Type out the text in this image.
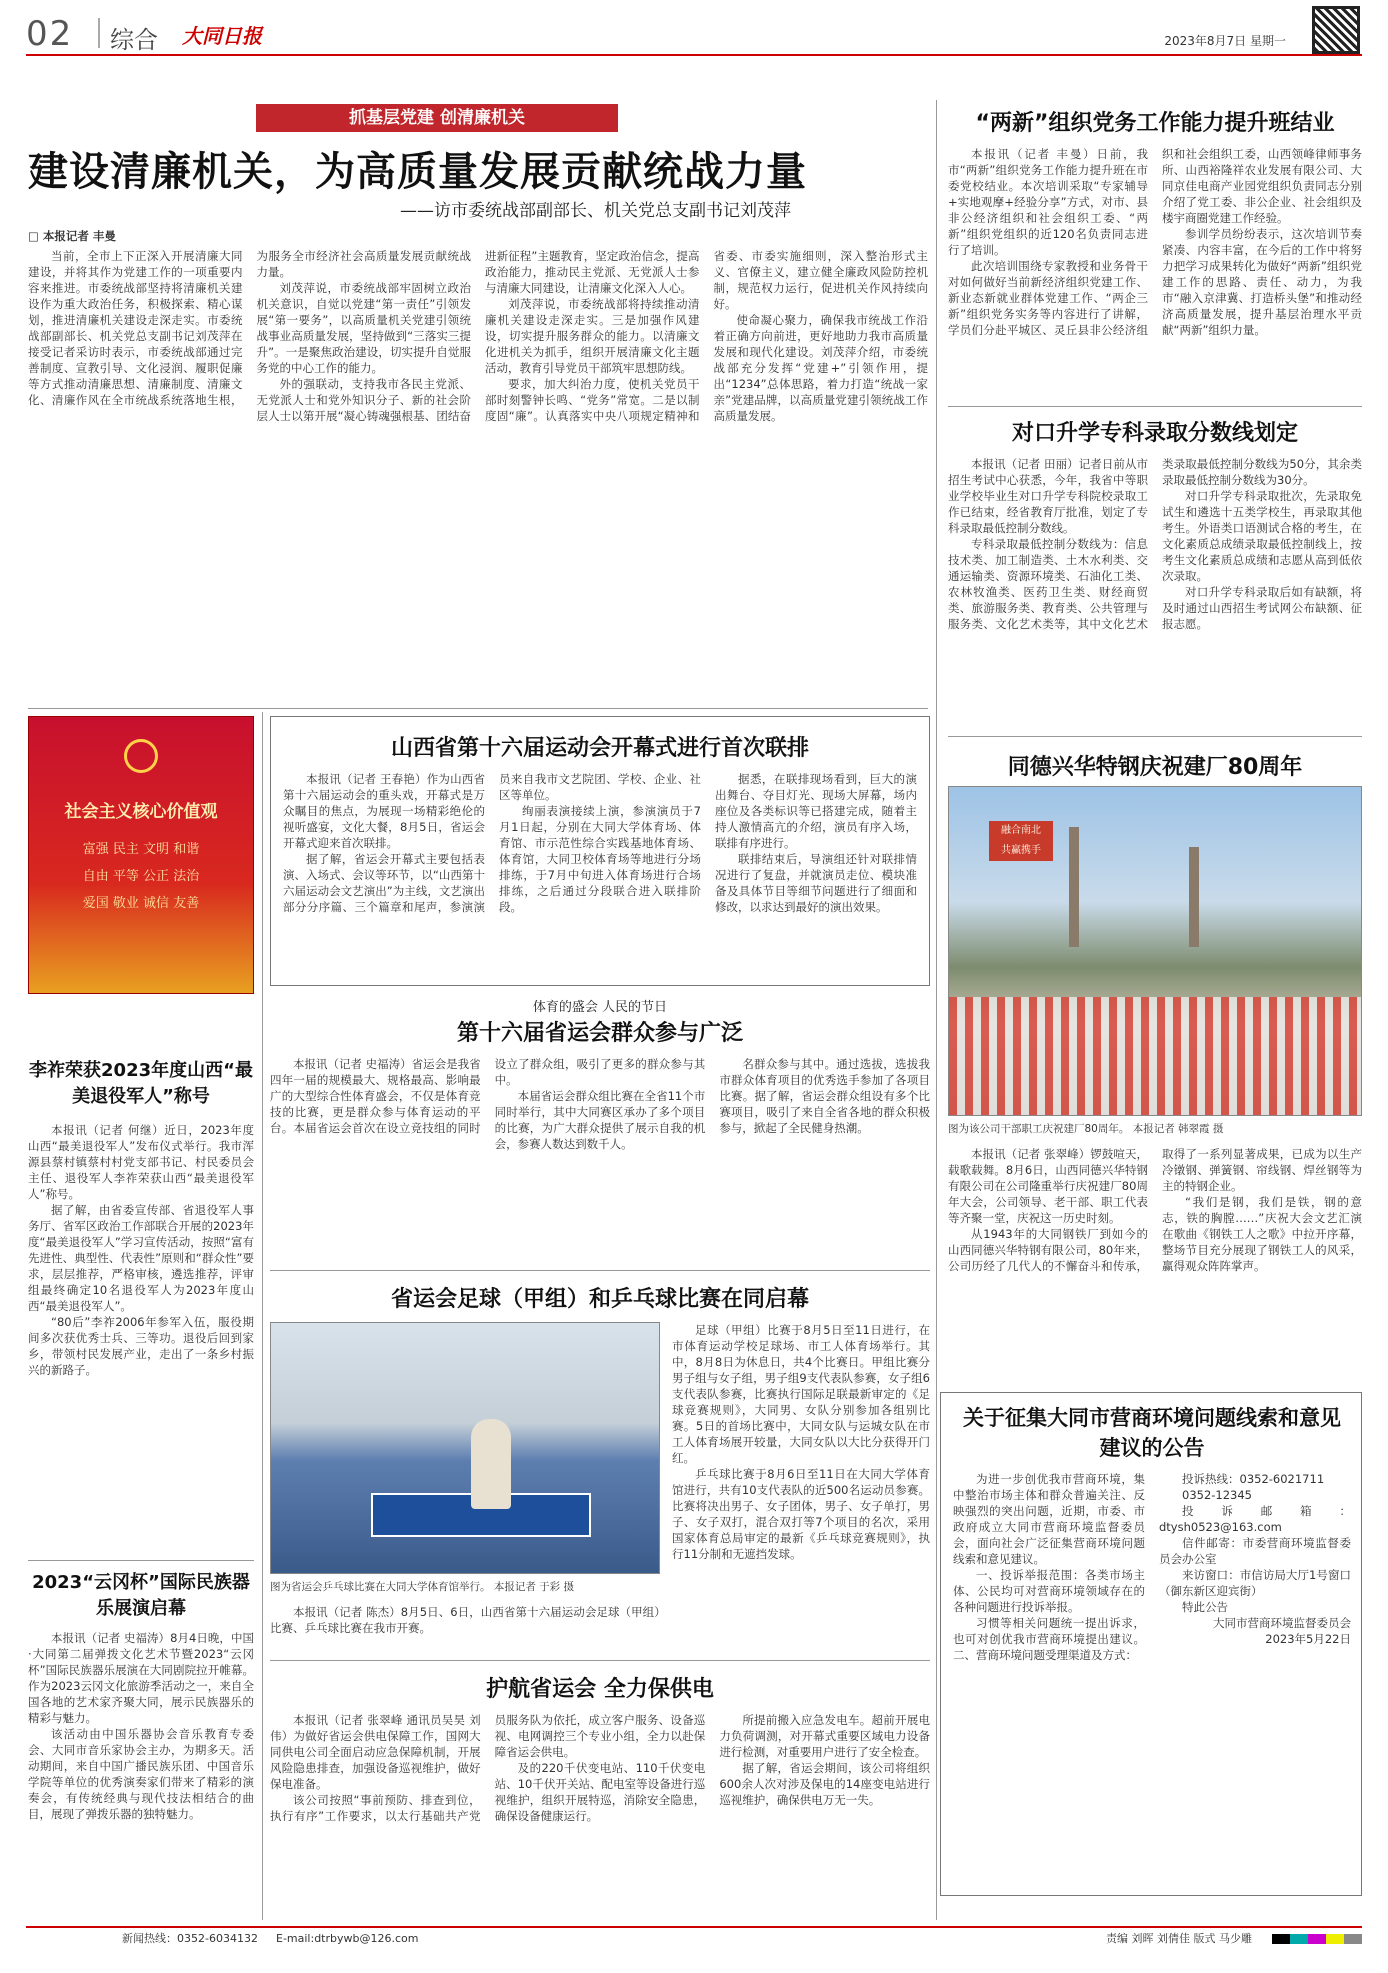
02 综合 大同日报	2023年8月7日 星期一
抓基层党建 创清廉机关
建设清廉机关，为高质量发展贡献统战力量
——访市委统战部副部长、机关党总支副书记刘茂萍
□ 本报记者 丰曼

当前，全市上下正深入开展清廉大同建设，并将其作为党建工作的一项重要内容来推进。市委统战部坚持将清廉机关建设作为重大政治任务，积极探索、精心谋划，推进清廉机关建设走深走实。市委统战部副部长、机关党总支副书记刘茂萍在接受记者采访时表示，市委统战部通过完善制度、宣教引导、文化浸润、履职促廉等方式推动清廉思想、清廉制度、清廉文化、清廉作风在全市统战系统落地生根，为服务全市经济社会高质量发展贡献统战力量。

刘茂萍说，市委统战部牢固树立政治机关意识，自觉以党建“第一责任”引领发展“第一要务”，以高质量机关党建引领统战事业高质量发展，坚持做到“三落实三提升”。一是聚焦政治建设，切实提升自觉服务党的中心工作的能力。

外的强联动，支持我市各民主党派、无党派人士和党外知识分子、新的社会阶层人士以第开展“凝心铸魂强根基、团结奋进新征程”主题教育，坚定政治信念，提高政治能力，推动民主党派、无党派人士参与清廉大同建设，让清廉文化深入人心。

刘茂萍说，市委统战部将持续推动清廉机关建设走深走实。三是加强作风建设，切实提升服务群众的能力。以清廉文化进机关为抓手，组织开展清廉文化主题活动，教育引导党员干部筑牢思想防线。

要求，加大纠治力度，使机关党员干部时刻警钟长鸣、“党务”常宽。二是以制度固“廉”。认真落实中央八项规定精神和省委、市委实施细则，深入整治形式主义、官僚主义，建立健全廉政风险防控机制，规范权力运行，促进机关作风持续向好。

使命凝心聚力，确保我市统战工作沿着正确方向前进，更好地助力我市高质量发展和现代化建设。刘茂萍介绍，市委统战部充分发挥“党建+”引领作用，提出“1234”总体思路，着力打造“统战一家亲”党建品牌，以高质量党建引领统战工作高质量发展。

“两新”组织党务工作能力提升班结业

本报讯（记者 丰曼）日前，我市“两新”组织党务工作能力提升班在市委党校结业。本次培训采取“专家辅导+实地观摩+经验分享”方式，对市、县非公经济组织和社会组织工委、“两新”组织党组织的近120名负责同志进行了培训。

此次培训围绕专家教授和业务骨干对如何做好当前新经济组织党建工作、新业态新就业群体党建工作、“两企三新”组织党务实务等内容进行了讲解，学员们分赴平城区、灵丘县非公经济组织和社会组织工委，山西领峰律师事务所、山西裕隆祥农业发展有限公司、大同京佳电商产业园党组织负责同志分别介绍了党工委、非公企业、社会组织及楼宇商圈党建工作经验。

参训学员纷纷表示，这次培训节奏紧凑、内容丰富，在今后的工作中将努力把学习成果转化为做好“两新”组织党建工作的思路、责任、动力，为我市“融入京津冀、打造桥头堡”和推动经济高质量发展，提升基层治理水平贡献“两新”组织力量。

对口升学专科录取分数线划定

本报讯（记者 田丽）记者日前从市招生考试中心获悉，今年，我省中等职业学校毕业生对口升学专科院校录取工作已结束，经省教育厅批准，划定了专科录取最低控制分数线。

专科录取最低控制分数线为：信息技术类、加工制造类、土木水利类、交通运输类、资源环境类、石油化工类、农林牧渔类、医药卫生类、财经商贸类、旅游服务类、教育类、公共管理与服务类、文化艺术类等，其中文化艺术类录取最低控制分数线为50分，其余类录取最低控制分数线为30分。

对口升学专科录取批次，先录取免试生和遴选十五类学校生，再录取其他考生。外语类口语测试合格的考生，在文化素质总成绩录取最低控制线上，按考生文化素质总成绩和志愿从高到低依次录取。

对口升学专科录取后如有缺额，将及时通过山西招生考试网公布缺额、征报志愿。

同德兴华特钢庆祝建厂80周年
融合南北
共赢携手
图为该公司干部职工庆祝建厂80周年。 本报记者 韩翠霞 摄

本报讯（记者 张翠峰）锣鼓喧天，载歌载舞。8月6日，山西同德兴华特钢有限公司在公司隆重举行庆祝建厂80周年大会，公司领导、老干部、职工代表等齐聚一堂，庆祝这一历史时刻。

从1943年的大同钢铁厂到如今的山西同德兴华特钢有限公司，80年来，公司历经了几代人的不懈奋斗和传承，取得了一系列显著成果，已成为以生产冷镦钢、弹簧钢、帘线钢、焊丝钢等为主的特钢企业。

“我们是钢，我们是铁，钢的意志，铁的胸膛……”庆祝大会文艺汇演在歌曲《钢铁工人之歌》中拉开序幕，整场节目充分展现了钢铁工人的风采，赢得观众阵阵掌声。

关于征集大同市营商环境问题线索和意见建议的公告

为进一步创优我市营商环境，集中整治市场主体和群众普遍关注、反映强烈的突出问题，近期，市委、市政府成立大同市营商环境监督委员会，面向社会广泛征集营商环境问题线索和意见建议。

一、投诉举报范围：各类市场主体、公民均可对营商环境领域存在的各种问题进行投诉举报。

习惯等相关问题统一提出诉求，也可对创优我市营商环境提出建议。二、营商环境问题受理渠道及方式：

投诉热线：0352-6021711

0352-12345

投诉邮箱：dtysh0523@163.com

信件邮寄：市委营商环境监督委员会办公室

来访窗口：市信访局大厅1号窗口（御东新区迎宾街）

特此公告

大同市营商环境监督委员会
2023年5月22日
社会主义核心价值观
富强 民主 文明 和谐
自由 平等 公正 法治
爱国 敬业 诚信 友善
李祚荣获2023年度山西“最美退役军人”称号

本报讯（记者 何继）近日，2023年度山西“最美退役军人”发布仪式举行。我市浑源县蔡村镇蔡村村党支部书记、村民委员会主任、退役军人李祚荣获山西“最美退役军人”称号。

据了解，由省委宣传部、省退役军人事务厅、省军区政治工作部联合开展的2023年度“最美退役军人”学习宣传活动，按照“富有先进性、典型性、代表性”原则和“群众性”要求，层层推荐，严格审核，遴选推荐，评审组最终确定10名退役军人为2023年度山西“最美退役军人”。

“80后”李祚2006年参军入伍，服役期间多次获优秀士兵、三等功。退役后回到家乡，带领村民发展产业，走出了一条乡村振兴的新路子。

2023“云冈杯”国际民族器乐展演启幕

本报讯（记者 史福涛）8月4日晚，中国·大同第二届弹拨文化艺术节暨2023“云冈杯”国际民族器乐展演在大同剧院拉开帷幕。作为2023云冈文化旅游季活动之一，来自全国各地的艺术家齐聚大同，展示民族器乐的精彩与魅力。

该活动由中国乐器协会音乐教育专委会、大同市音乐家协会主办，为期多天。活动期间，来自中国广播民族乐团、中国音乐学院等单位的优秀演奏家们带来了精彩的演奏会，有传统经典与现代技法相结合的曲目，展现了弹拨乐器的独特魅力。

山西省第十六届运动会开幕式进行首次联排

本报讯（记者 王春艳）作为山西省第十六届运动会的重头戏，开幕式是万众瞩目的焦点，为展现一场精彩绝伦的视听盛宴，文化大餐，8月5日，省运会开幕式迎来首次联排。

据了解，省运会开幕式主要包括表演、入场式、会议等环节，以“山西第十六届运动会文艺演出”为主线，文艺演出部分分序篇、三个篇章和尾声，参演演员来自我市文艺院团、学校、企业、社区等单位。

绚丽表演接续上演，参演演员于7月1日起，分别在大同大学体育场、体育馆、市示范性综合实践基地体育场、体育馆，大同卫校体育场等地进行分场排练，于7月中旬进入体育场进行合场排练，之后通过分段联合进入联排阶段。

据悉，在联排现场看到，巨大的演出舞台、夺目灯光、现场大屏幕，场内座位及各类标识等已搭建完成，随着主持人激情高亢的介绍，演员有序入场，联排有序进行。

联排结束后，导演组还针对联排情况进行了复盘，并就演员走位、模块准备及具体节目等细节问题进行了细面和修改，以求达到最好的演出效果。

体育的盛会 人民的节日
第十六届省运会群众参与广泛

本报讯（记者 史福涛）省运会是我省四年一届的规模最大、规格最高、影响最广的大型综合性体育盛会，不仅是体育竞技的比赛，更是群众参与体育运动的平台。本届省运会首次在设立竞技组的同时设立了群众组，吸引了更多的群众参与其中。

本届省运会群众组比赛在全省11个市同时举行，其中大同赛区承办了多个项目的比赛，为广大群众提供了展示自我的机会，参赛人数达到数千人。

名群众参与其中。通过选拔，选拔我市群众体育项目的优秀选手参加了各项目比赛。据了解，省运会群众组设有多个比赛项目，吸引了来自全省各地的群众积极参与，掀起了全民健身热潮。

省运会足球（甲组）和乒乓球比赛在同启幕
图为省运会乒乓球比赛在大同大学体育馆举行。 本报记者 于彩 摄
本报讯（记者 陈杰）8月5日、6日，山西省第十六届运动会足球（甲组）比赛、乒乓球比赛在我市开赛。

足球（甲组）比赛于8月5日至11日进行，在市体育运动学校足球场、市工人体育场举行。其中，8月8日为休息日，共4个比赛日。甲组比赛分男子组与女子组，男子组9支代表队参赛，女子组6支代表队参赛，比赛执行国际足联最新审定的《足球竞赛规则》，大同男、女队分别参加各组别比赛。5日的首场比赛中，大同女队与运城女队在市工人体育场展开较量，大同女队以大比分获得开门红。

乒乓球比赛于8月6日至11日在大同大学体育馆进行，共有10支代表队的近500名运动员参赛。比赛将决出男子、女子团体，男子、女子单打，男子、女子双打，混合双打等7个项目的名次，采用国家体育总局审定的最新《乒乓球竞赛规则》，执行11分制和无遮挡发球。

护航省运会 全力保供电

本报讯（记者 张翠峰 通讯员吴昊 刘伟）为做好省运会供电保障工作，国网大同供电公司全面启动应急保障机制，开展风险隐患排查，加强设备巡视维护，做好保电准备。

该公司按照“事前预防、排查到位，执行有序”工作要求，以太行基础共产党员服务队为依托，成立客户服务、设备巡视、电网调控三个专业小组，全力以赴保障省运会供电。

及的220千伏变电站、110千伏变电站、10千伏开关站、配电室等设备进行巡视维护，组织开展特巡，消除安全隐患，确保设备健康运行。

所提前搬入应急发电车。超前开展电力负荷调测，对开幕式重要区域电力设备进行检测，对重要用户进行了安全检查。

据了解，省运会期间，该公司将组织600余人次对涉及保电的14座变电站进行巡视维护，确保供电万无一失。

新闻热线：0352-6034132 E-mail:dtrbywb@126.com	责编 刘晖 刘倩佳 版式 马少雕
